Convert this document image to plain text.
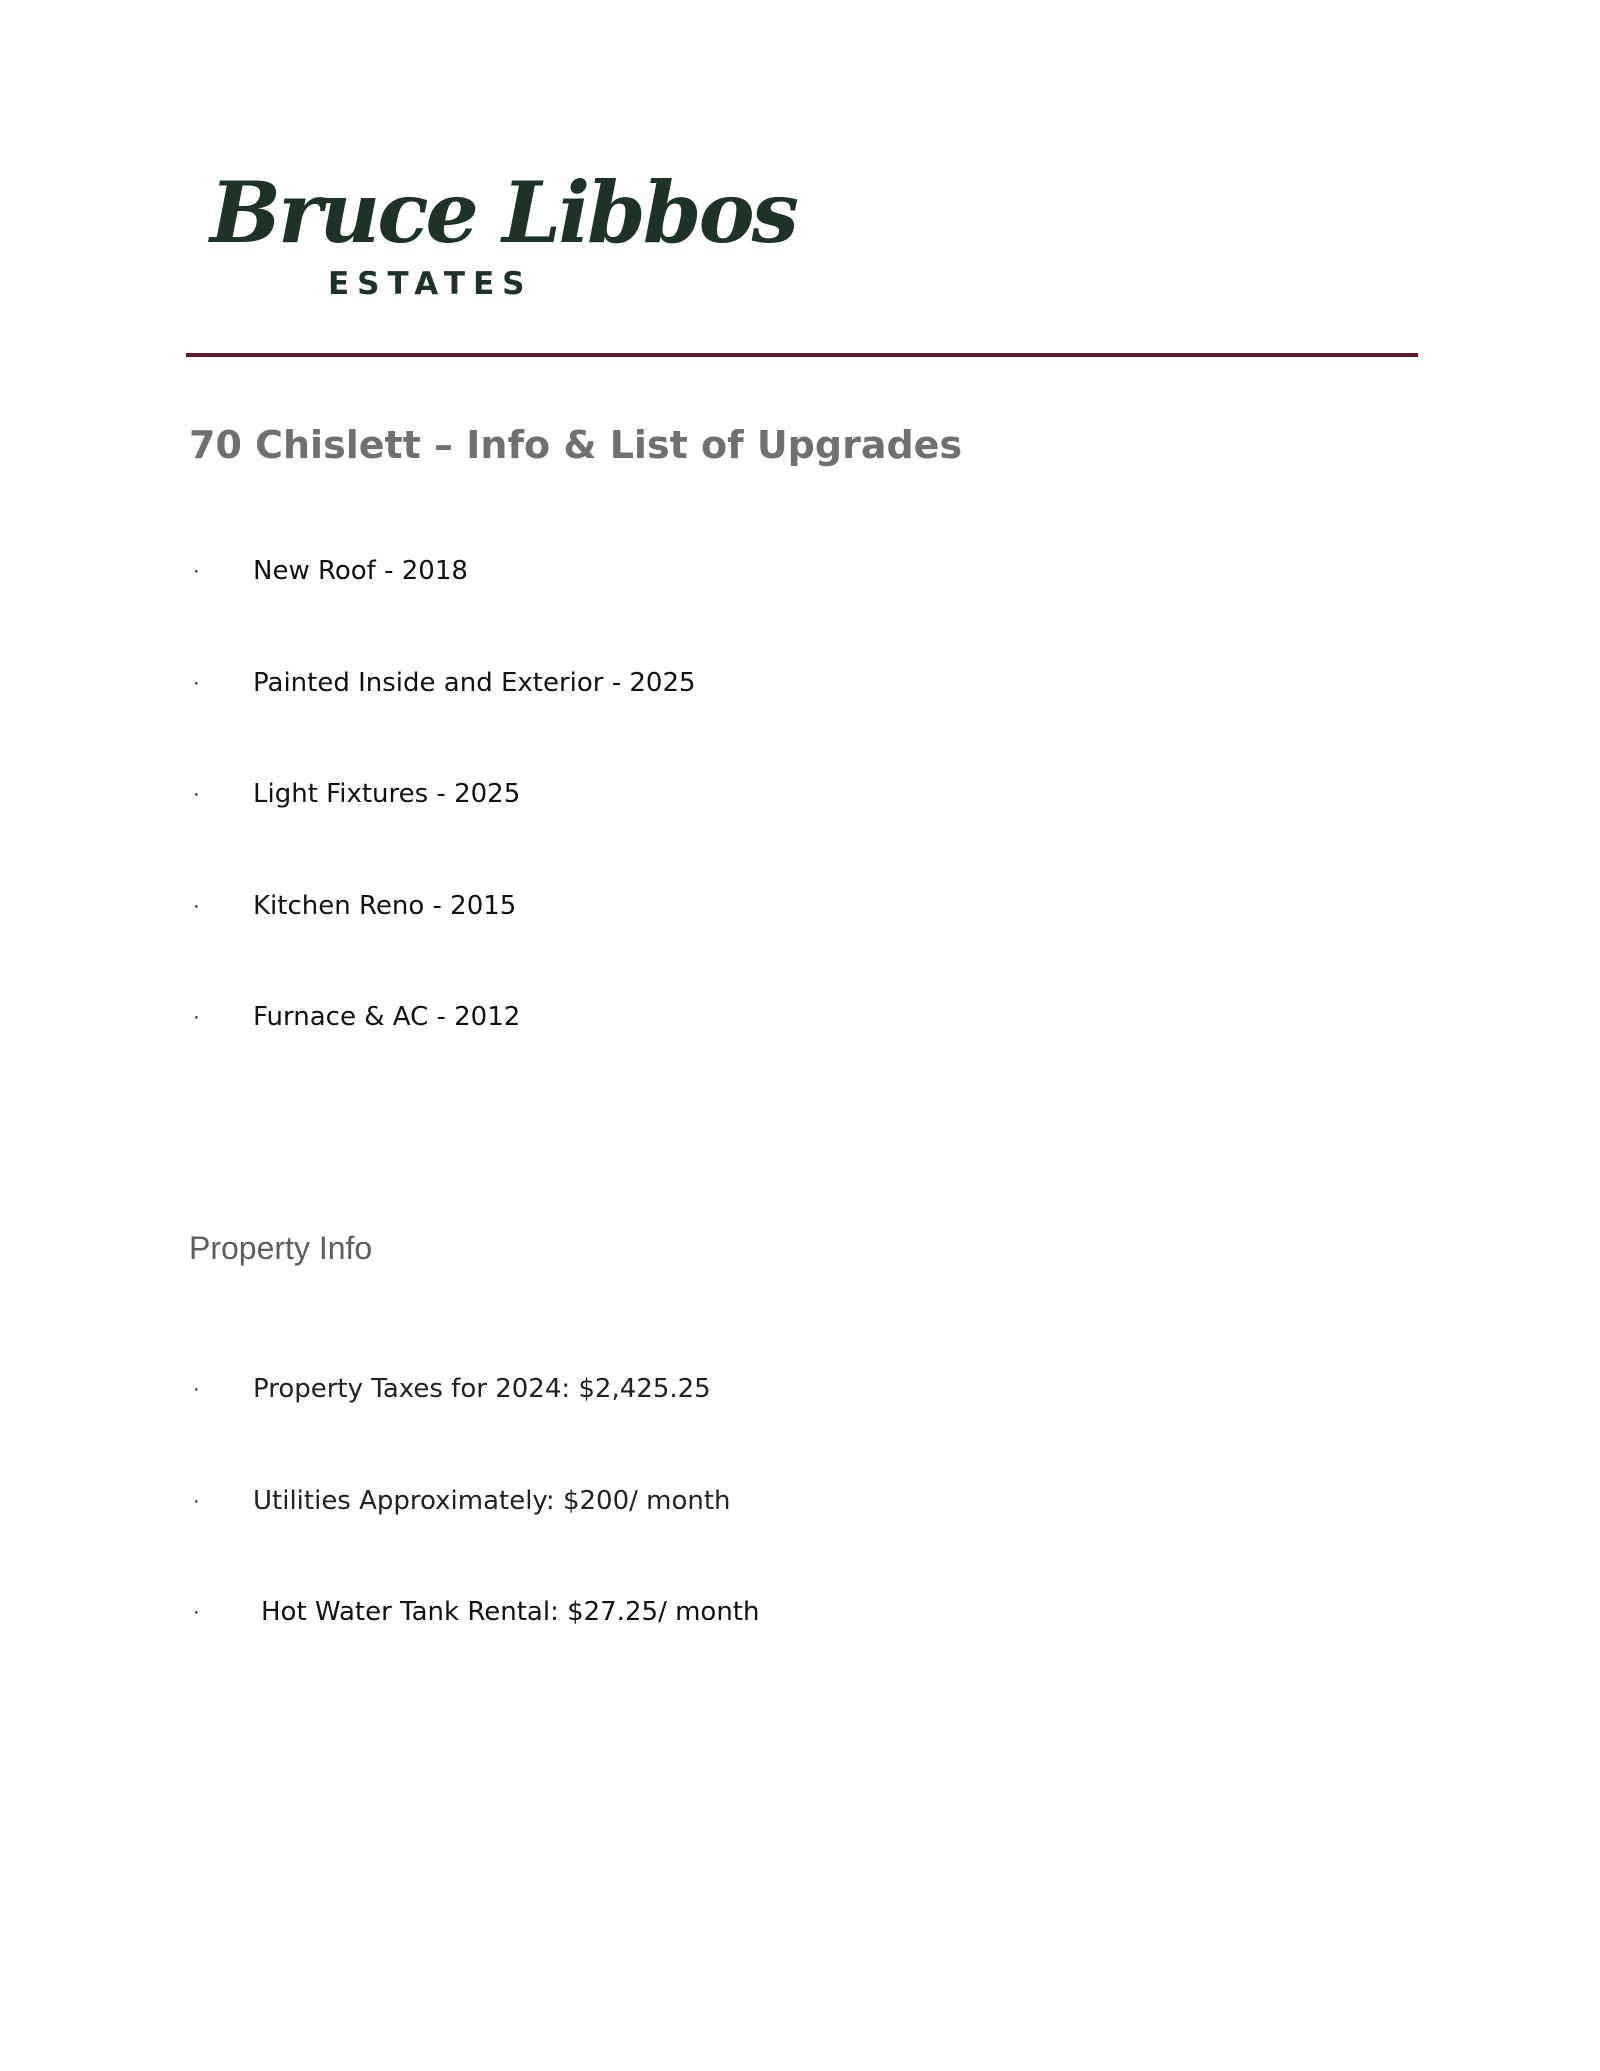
Bruce Libbos
ESTATES
70 Chislett – Info & List of Upgrades
· New Roof - 2018
· Painted Inside and Exterior - 2025
· Light Fixtures - 2025
· Kitchen Reno - 2015
· Furnace & AC - 2012
Property Info
· Property Taxes for 2024: $2,425.25
· Utilities Approximately: $200/ month
· Hot Water Tank Rental: $27.25/ month
